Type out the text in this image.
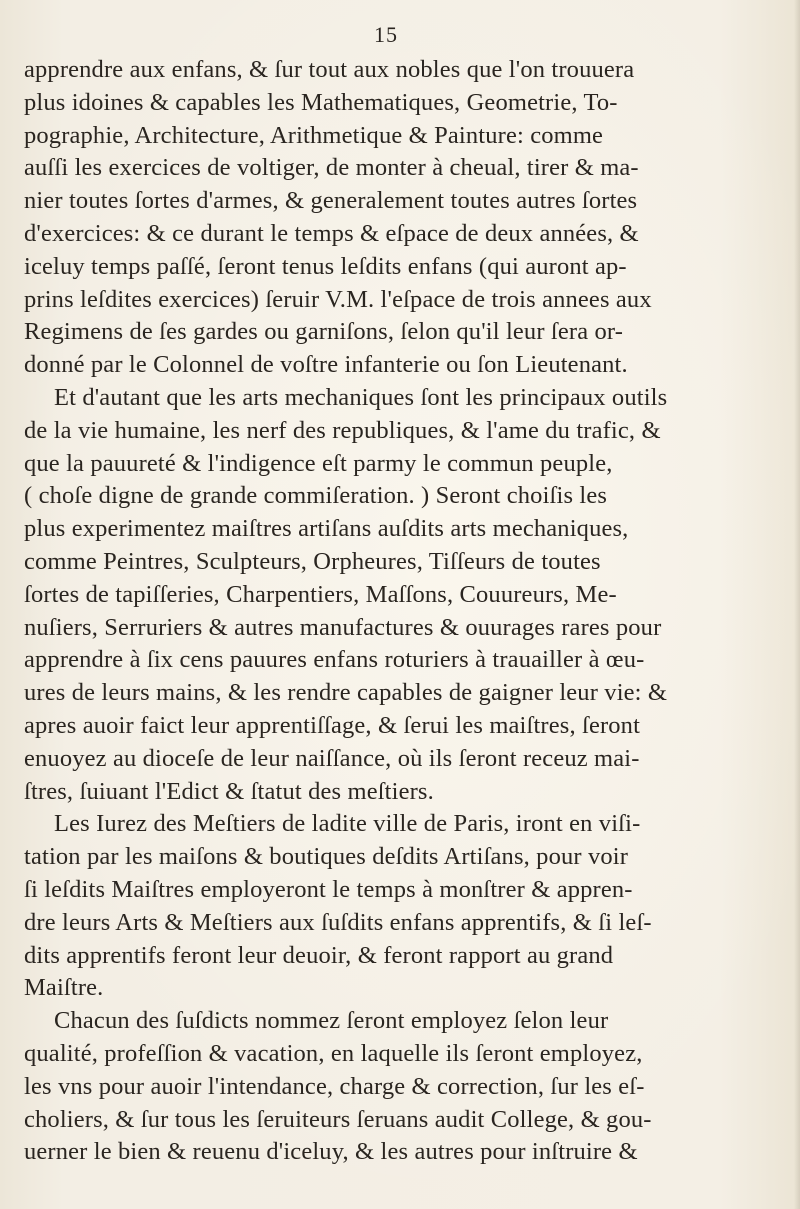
15
apprendre aux enfans, & ſur tout aux nobles que l'on trouuera
plus idoines & capables les Mathematiques, Geometrie, To-
pographie, Architecture, Arithmetique & Painture: comme
auſſi les exercices de voltiger, de monter à cheual, tirer & ma-
nier toutes ſortes d'armes, & generalement toutes autres ſortes
d'exercices: & ce durant le temps & eſpace de deux années, &
iceluy temps paſſé, ſeront tenus leſdits enfans (qui auront ap-
prins leſdites exercices) ſeruir V.M. l'eſpace de trois annees aux
Regimens de ſes gardes ou garniſons, ſelon qu'il leur ſera or-
donné par le Colonnel de voſtre infanterie ou ſon Lieutenant.
Et d'autant que les arts mechaniques ſont les principaux outils
de la vie humaine, les nerf des republiques, & l'ame du trafic, &
que la pauureté & l'indigence eſt parmy le commun peuple,
( choſe digne de grande commiſeration. ) Seront choiſis les
plus experimentez maiſtres artiſans auſdits arts mechaniques,
comme Peintres, Sculpteurs, Orpheures, Tiſſeurs de toutes
ſortes de tapiſſeries, Charpentiers, Maſſons, Couureurs, Me-
nuſiers, Serruriers & autres manufactures & ouurages rares pour
apprendre à ſix cens pauures enfans roturiers à trauailler à œu-
ures de leurs mains, & les rendre capables de gaigner leur vie: &
apres auoir faict leur apprentiſſage, & ſerui les maiſtres, ſeront
enuoyez au dioceſe de leur naiſſance, où ils ſeront receuz mai-
ſtres, ſuiuant l'Edict & ſtatut des meſtiers.
Les Iurez des Meſtiers de ladite ville de Paris, iront en viſi-
tation par les maiſons & boutiques deſdits Artiſans, pour voir
ſi leſdits Maiſtres employeront le temps à monſtrer & appren-
dre leurs Arts & Meſtiers aux ſuſdits enfans apprentifs, & ſi leſ-
dits apprentifs feront leur deuoir, & feront rapport au grand
Maiſtre.
Chacun des ſuſdicts nommez ſeront employez ſelon leur
qualité, profeſſion & vacation, en laquelle ils ſeront employez,
les vns pour auoir l'intendance, charge & correction, ſur les eſ-
choliers, & ſur tous les ſeruiteurs ſeruans audit College, & gou-
uerner le bien & reuenu d'iceluy, & les autres pour inſtruire &
